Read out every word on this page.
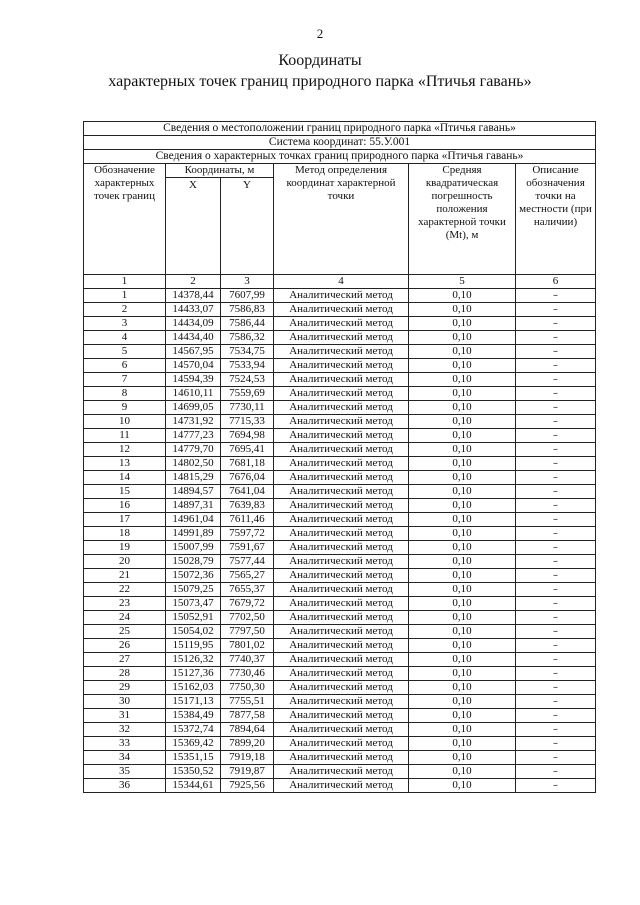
2
Координаты
характерных точек границ природного парка «Птичья гавань»
Сведения о местоположении границ природного парка «Птичья гавань»					
Система координат: 55.У.001					
Сведения о характерных точках границ природного парка «Птичья гавань»					
Обозначение характерных точек границ	Координаты, м		Метод определения координат характерной точки	Средняя квадратическая погрешность положения характерной точки (Mt), м	Описание обозначения точки на местности (при наличии)
	X	Y			
1	2	3	4	5	6
1	14378,44	7607,99	Аналитический метод	0,10	–
2	14433,07	7586,83	Аналитический метод	0,10	–
3	14434,09	7586,44	Аналитический метод	0,10	–
4	14434,40	7586,32	Аналитический метод	0,10	–
5	14567,95	7534,75	Аналитический метод	0,10	–
6	14570,04	7533,94	Аналитический метод	0,10	–
7	14594,39	7524,53	Аналитический метод	0,10	–
8	14610,11	7559,69	Аналитический метод	0,10	–
9	14699,05	7730,11	Аналитический метод	0,10	–
10	14731,92	7715,33	Аналитический метод	0,10	–
11	14777,23	7694,98	Аналитический метод	0,10	–
12	14779,70	7695,41	Аналитический метод	0,10	–
13	14802,50	7681,18	Аналитический метод	0,10	–
14	14815,29	7676,04	Аналитический метод	0,10	–
15	14894,57	7641,04	Аналитический метод	0,10	–
16	14897,31	7639,83	Аналитический метод	0,10	–
17	14961,04	7611,46	Аналитический метод	0,10	–
18	14991,89	7597,72	Аналитический метод	0,10	–
19	15007,99	7591,67	Аналитический метод	0,10	–
20	15028,79	7577,44	Аналитический метод	0,10	–
21	15072,36	7565,27	Аналитический метод	0,10	–
22	15079,25	7655,37	Аналитический метод	0,10	–
23	15073,47	7679,72	Аналитический метод	0,10	–
24	15052,91	7702,50	Аналитический метод	0,10	–
25	15054,02	7797,50	Аналитический метод	0,10	–
26	15119,95	7801,02	Аналитический метод	0,10	–
27	15126,32	7740,37	Аналитический метод	0,10	–
28	15127,36	7730,46	Аналитический метод	0,10	–
29	15162,03	7750,30	Аналитический метод	0,10	–
30	15171,13	7755,51	Аналитический метод	0,10	–
31	15384,49	7877,58	Аналитический метод	0,10	–
32	15372,74	7894,64	Аналитический метод	0,10	–
33	15369,42	7899,20	Аналитический метод	0,10	–
34	15351,15	7919,18	Аналитический метод	0,10	–
35	15350,52	7919,87	Аналитический метод	0,10	–
36	15344,61	7925,56	Аналитический метод	0,10	–
